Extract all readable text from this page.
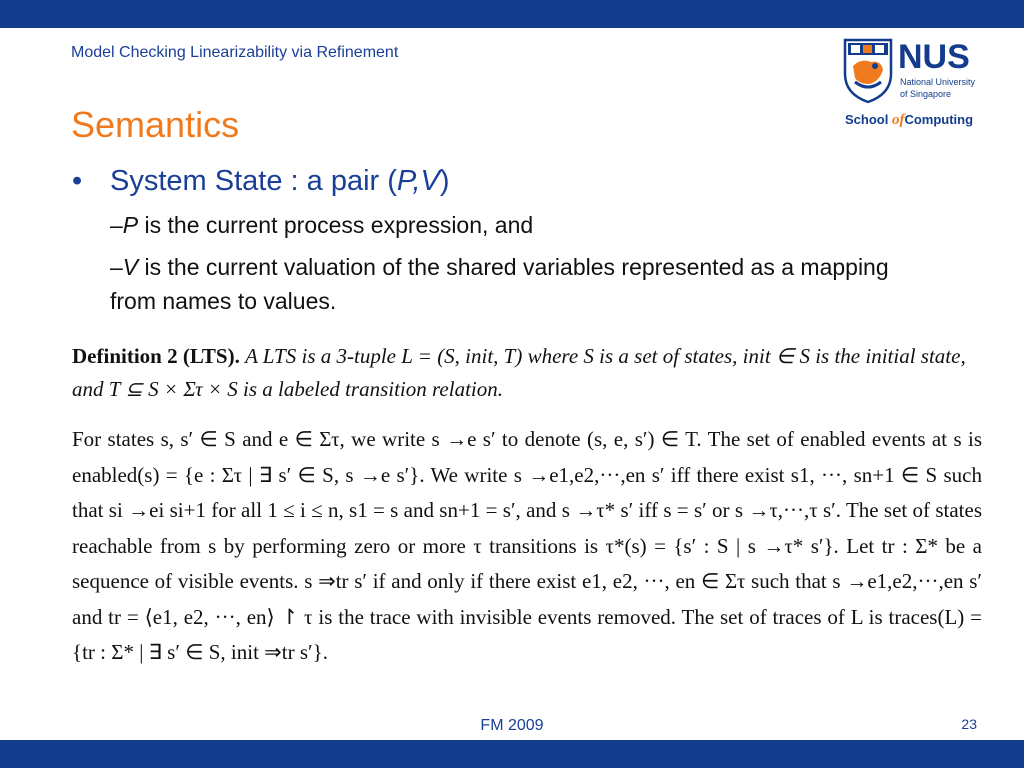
Model Checking Linearizability via Refinement	NUS
National University
of Singapore
School ofComputing
Semantics
• System State : a pair (P,V)
–P is the current process expression, and
–V is the current valuation of the shared variables represented as a mapping from names to values.

Definition 2 (LTS). A LTS is a 3-tuple L = (S, init, T) where S is a set of states, init ∈ S is the initial state, and T ⊆ S × Στ × S is a labeled transition relation.

For states s, s′ ∈ S and e ∈ Στ, we write s →e s′ to denote (s, e, s′) ∈ T. The set of enabled events at s is enabled(s) = {e : Στ | ∃ s′ ∈ S, s →e s′}. We write s →e1,e2,···,en s′ iff there exist s1, ···, sn+1 ∈ S such that si →ei si+1 for all 1 ≤ i ≤ n, s1 = s and sn+1 = s′, and s →τ* s′ iff s = s′ or s →τ,···,τ s′. The set of states reachable from s by performing zero or more τ transitions is τ*(s) = {s′ : S | s →τ* s′}. Let tr : Σ* be a sequence of visible events. s ⇒tr s′ if and only if there exist e1, e2, ···, en ∈ Στ such that s →e1,e2,···,en s′ and tr = ⟨e1, e2, ···, en⟩ ↾ τ is the trace with invisible events removed. The set of traces of L is traces(L) = {tr : Σ* | ∃ s′ ∈ S, init ⇒tr s′}.

FM 2009	23
